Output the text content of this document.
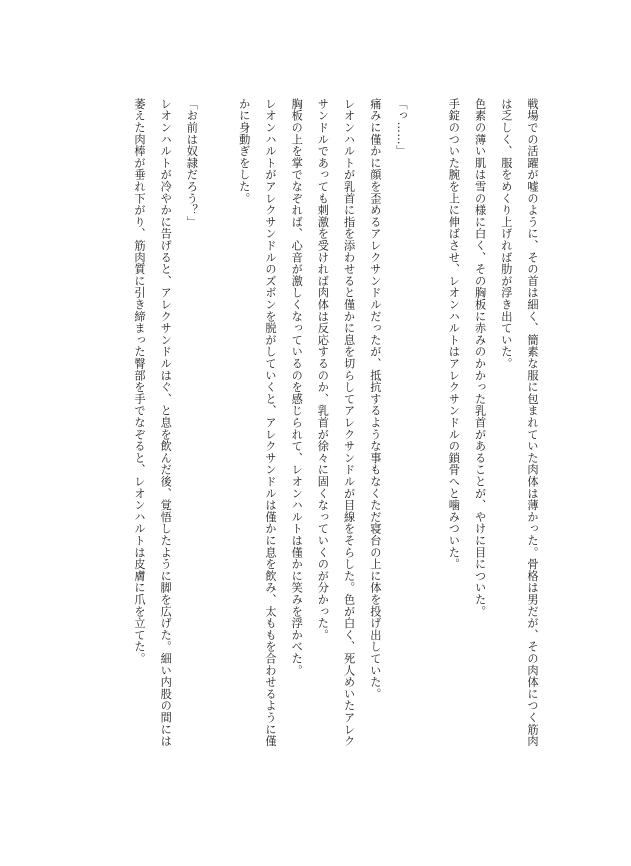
戦場での活躍が嘘のように、その首は細く、簡素な服に包まれていた肉体は薄かった。骨格は男だが、その肉体につく筋肉は乏しく、服をめくり上げれば肋が浮き出ていた。

色素の薄い肌は雪の様に白く、その胸板に赤みのかかった乳首があることが、やけに目についた。

手錠のついた腕を上に伸ばさせ、レオンハルトはアレクサンドルの鎖骨へと噛みついた。

「っ……」

痛みに僅かに顔を歪めるアレクサンドルだったが、抵抗するような事もなくただ寝台の上に体を投げ出していた。

レオンハルトが乳首に指を添わせると僅かに息を切らしてアレクサンドルが目線をそらした。色が白く、死人めいたアレクサンドルであっても刺激を受ければ肉体は反応するのか、乳首が徐々に固くなっていくのが分かった。

胸板の上を掌でなぞれば、心音が激しくなっているのを感じられて、レオンハルトは僅かに笑みを浮かべた。

レオンハルトがアレクサンドルのズボンを脱がしていくと、アレクサンドルは僅かに息を飲み、太ももを合わせるように僅かに身動ぎをした。

「お前は奴隷だろう？」

レオンハルトが冷やかに告げると、アレクサンドルはぐ、と息を飲んだ後、覚悟したように脚を広げた。細い内股の間には萎えた肉棒が垂れ下がり、筋肉質に引き締まった臀部を手でなぞると、レオンハルトは皮膚に爪を立てた。
